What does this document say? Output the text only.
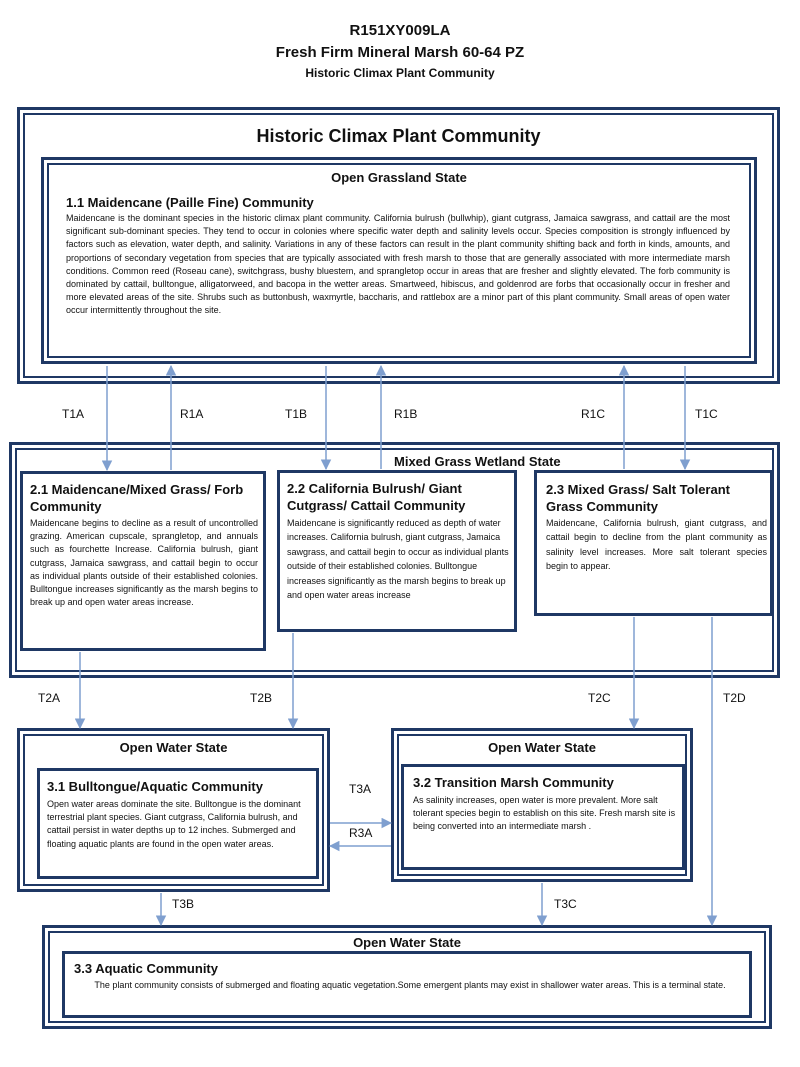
R151XY009LA
Fresh Firm Mineral Marsh 60-64 PZ
Historic Climax Plant Community
Historic Climax Plant Community
Open Grassland State
1.1 Maidencane (Paille Fine) Community
Maidencane is the dominant species in the historic climax plant community. California bulrush (bullwhip), giant cutgrass, Jamaica sawgrass, and cattail are the most significant sub-dominant species. They tend to occur in colonies where specific water depth and salinity levels occur. Species composition is strongly influenced by factors such as elevation, water depth, and salinity. Variations in any of these factors can result in the plant community shifting back and forth in kinds, amounts, and proportions of secondary vegetation from species that are typically associated with fresh marsh to those that are generally associated with more intermediate marsh conditions. Common reed (Roseau cane), switchgrass, bushy bluestem, and sprangletop occur in areas that are fresher and slightly elevated. The forb community is dominated by cattail, bulltongue, alligatorweed, and bacopa in the wetter areas. Smartweed, hibiscus, and goldenrod are forbs that occasionally occur in fresher and more elevated areas of the site. Shrubs such as buttonbush, waxmyrtle, baccharis, and rattlebox are a minor part of this plant community. Small areas of open water occur intermittently throughout the site.
Mixed Grass Wetland State
2.1 Maidencane/Mixed Grass/ Forb Community
Maidencane begins to decline as a result of uncontrolled grazing. American cupscale, sprangletop, and annuals such as fourchette Increase. California bulrush, giant cutgrass, Jamaica sawgrass, and cattail begin to occur as individual plants outside of their established colonies. Bulltongue increases significantly as the marsh begins to break up and open water areas increase.
2.2 California Bulrush/ Giant Cutgrass/ Cattail Community
Maidencane is significantly reduced as depth of water increases. California bulrush, giant cutgrass, Jamaica sawgrass, and cattail begin to occur as individual plants outside of their established colonies. Bulltongue increases significantly as the marsh begins to break up and open water areas increase
2.3 Mixed Grass/ Salt Tolerant Grass Community
Maidencane, California bulrush, giant cutgrass, and cattail begin to decline from the plant community as salinity level increases. More salt tolerant species begin to appear.
Open Water State
3.1 Bulltongue/Aquatic Community
Open water areas dominate the site. Bulltongue is the dominant terrestrial plant species. Giant cutgrass, California bulrush, and cattail persist in water depths up to 12 inches. Submerged and floating aquatic plants are found in the open water areas.
Open Water State
3.2 Transition Marsh Community
As salinity increases, open water is more prevalent. More salt tolerant species begin to establish on this site. Fresh marsh site is being converted into an intermediate marsh .
Open Water State
3.3 Aquatic Community
The plant community consists of submerged and floating aquatic vegetation.Some emergent plants may exist in shallower water areas. This is a terminal state.
T1A	R1A	T1B	R1B	R1C	T1C
T2A	T2B	T2C	T2D
T3A
R3A
T3B	T3C
